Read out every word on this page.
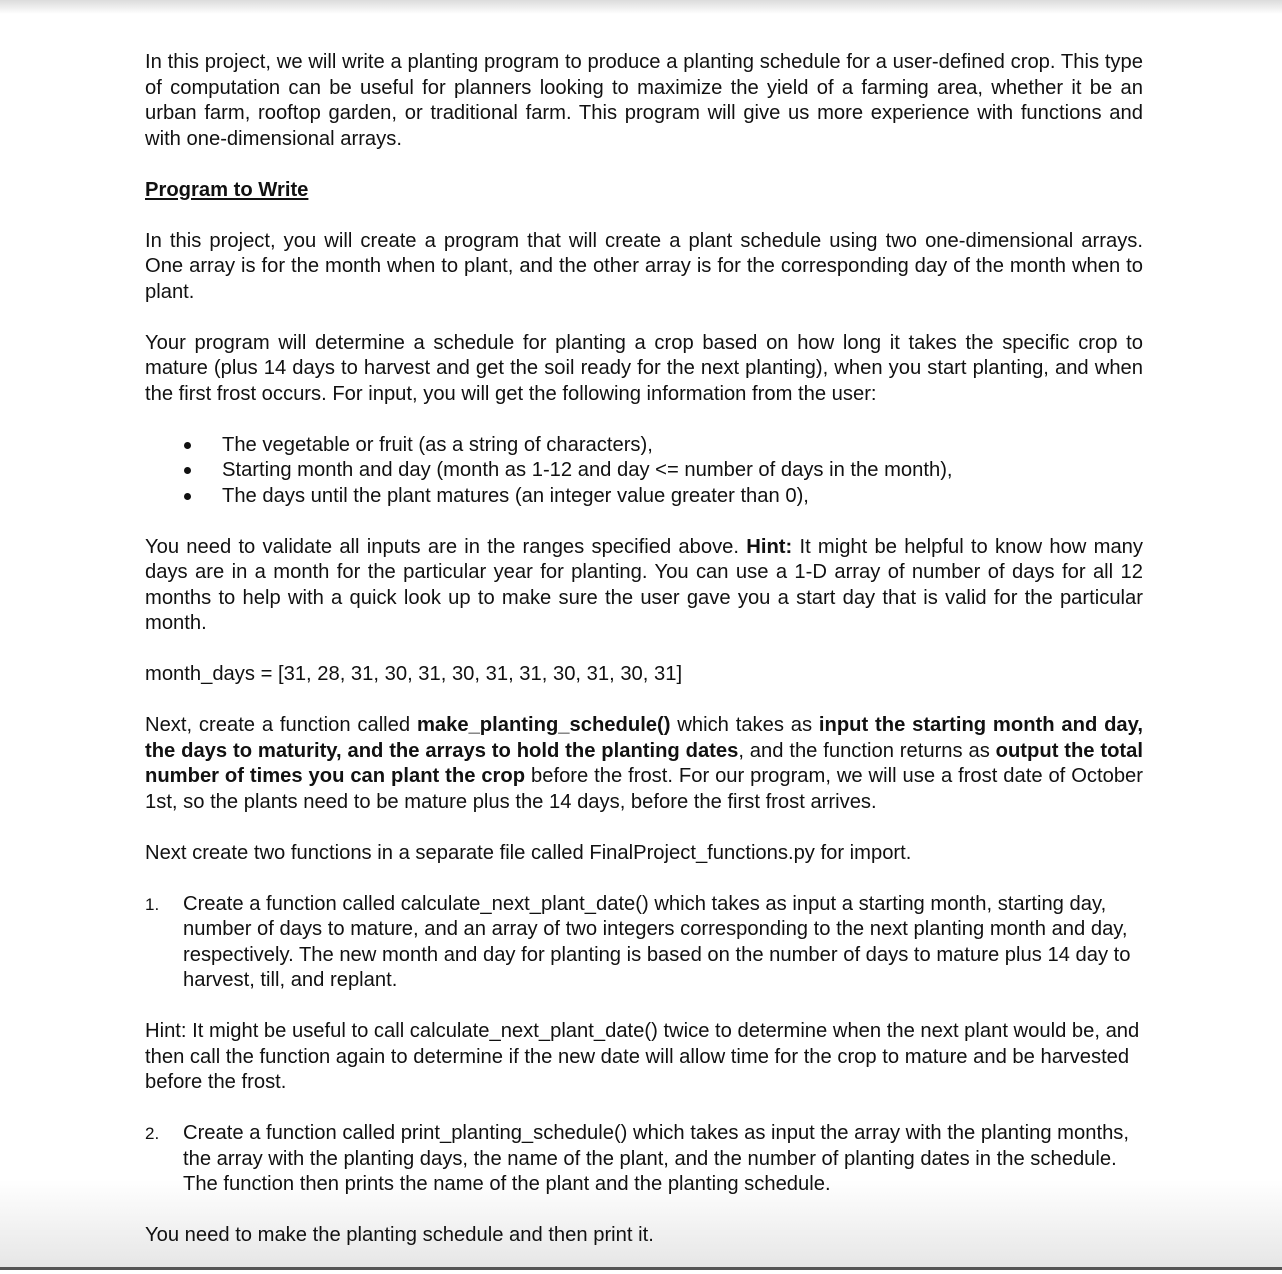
In this project, we will write a planting program to produce a planting schedule for a user-defined crop. This type of computation can be useful for planners looking to maximize the yield of a farming area, whether it be an urban farm, rooftop garden, or traditional farm. This program will give us more experience with functions and with one-dimensional arrays.

Program to Write

In this project, you will create a program that will create a plant schedule using two one-dimensional arrays. One array is for the month when to plant, and the other array is for the corresponding day of the month when to plant.

Your program will determine a schedule for planting a crop based on how long it takes the specific crop to mature (plus 14 days to harvest and get the soil ready for the next planting), when you start planting, and when the first frost occurs. For input, you will get the following information from the user:

The vegetable or fruit (as a string of characters),
Starting month and day (month as 1-12 and day <= number of days in the month),
The days until the plant matures (an integer value greater than 0),

You need to validate all inputs are in the ranges specified above. Hint: It might be helpful to know how many days are in a month for the particular year for planting. You can use a 1-D array of number of days for all 12 months to help with a quick look up to make sure the user gave you a start day that is valid for the particular month.

month_days = [31, 28, 31, 30, 31, 30, 31, 31, 30, 31, 30, 31]

Next, create a function called make_planting_schedule() which takes as input the starting month and day, the days to maturity, and the arrays to hold the planting dates, and the function returns as output the total number of times you can plant the crop before the frost. For our program, we will use a frost date of October 1st, so the plants need to be mature plus the 14 days, before the first frost arrives.

Next create two functions in a separate file called FinalProject_functions.py for import.

1. Create a function called calculate_next_plant_date() which takes as input a starting month, starting day, number of days to mature, and an array of two integers corresponding to the next planting month and day, respectively. The new month and day for planting is based on the number of days to mature plus 14 day to harvest, till, and replant.

Hint: It might be useful to call calculate_next_plant_date() twice to determine when the next plant would be, and then call the function again to determine if the new date will allow time for the crop to mature and be harvested before the frost.

2. Create a function called print_planting_schedule() which takes as input the array with the planting months, the array with the planting days, the name of the plant, and the number of planting dates in the schedule. The function then prints the name of the plant and the planting schedule.

You need to make the planting schedule and then print it.
